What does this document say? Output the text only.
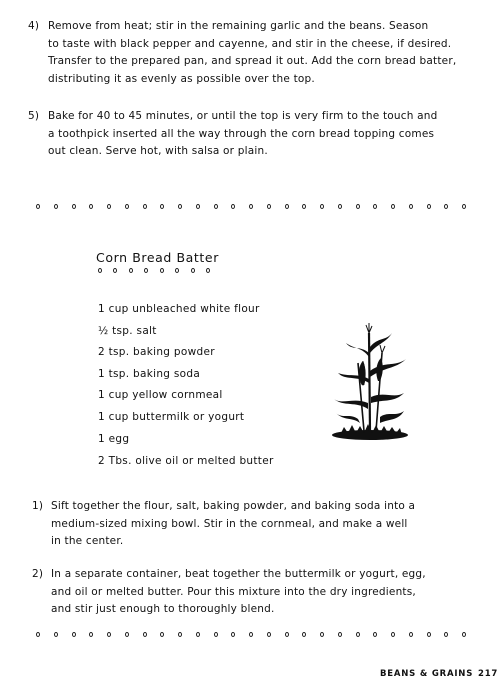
4) Remove from heat; stir in the remaining garlic and the beans. Season
to taste with black pepper and cayenne, and stir in the cheese, if desired.
Transfer to the prepared pan, and spread it out. Add the corn bread batter,
distributing it as evenly as possible over the top.
5) Bake for 40 to 45 minutes, or until the top is very firm to the touch and
a toothpick inserted all the way through the corn bread topping comes
out clean. Serve hot, with salsa or plain.
Corn Bread Batter
1 cup unbleached white flour
½ tsp. salt
2 tsp. baking powder
1 tsp. baking soda
1 cup yellow cornmeal
1 cup buttermilk or yogurt
1 egg
2 Tbs. olive oil or melted butter
1) Sift together the flour, salt, baking powder, and baking soda into a
medium-sized mixing bowl. Stir in the cornmeal, and make a well
in the center.
2) In a separate container, beat together the buttermilk or yogurt, egg,
and oil or melted butter. Pour this mixture into the dry ingredients,
and stir just enough to thoroughly blend.
BEANS & GRAINS 217
